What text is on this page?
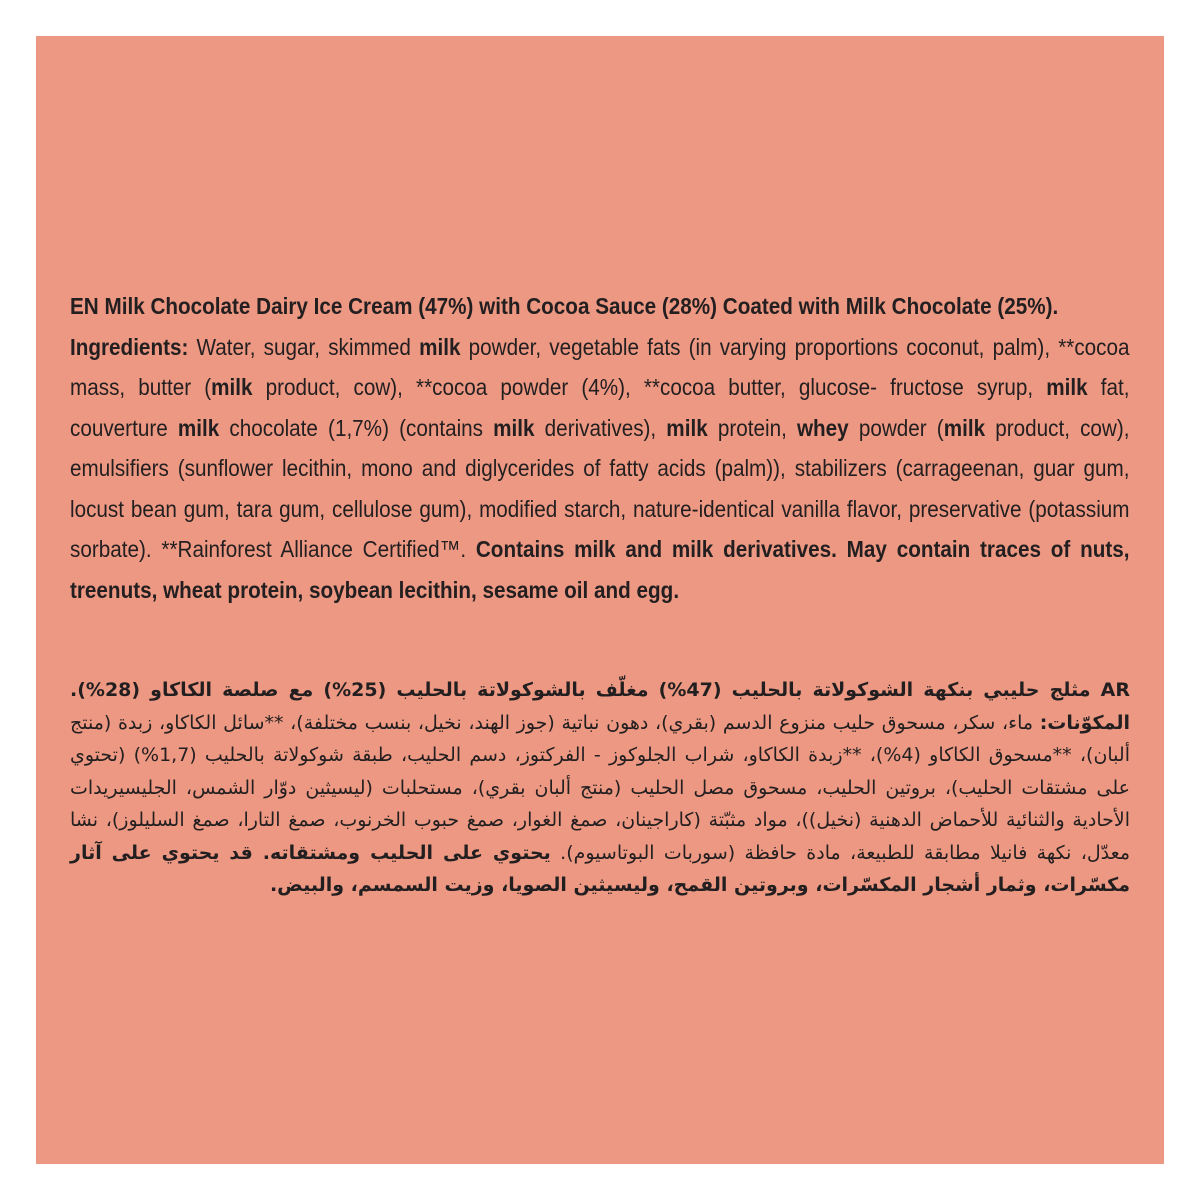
EN Milk Chocolate Dairy Ice Cream (47%) with Cocoa Sauce (28%) Coated with Milk Chocolate (25%).
Ingredients: Water, sugar, skimmed milk powder, vegetable fats (in varying proportions coconut, palm), **cocoa mass, butter (milk product, cow), **cocoa powder (4%), **cocoa butter, glucose- fructose syrup, milk fat, couverture milk chocolate (1,7%) (contains milk derivatives), milk protein, whey powder (milk product, cow), emulsifiers (sunflower lecithin, mono and diglycerides of fatty acids (palm)), stabilizers (carrageenan, guar gum, locust bean gum, tara gum, cellulose gum), modified starch, nature-identical vanilla flavor, preservative (potassium sorbate). **Rainforest Alliance Certified™. Contains milk and milk derivatives. May contain traces of nuts, treenuts, wheat protein, soybean lecithin, sesame oil and egg.
AR مثلج حليبي بنكهة الشوكولاتة بالحليب (47%) مغلّف بالشوكولاتة بالحليب (25%) مع صلصة الكاكاو (28%). المكوّنات: ماء، سكر، مسحوق حليب منزوع الدسم (بقري)، دهون نباتية (جوز الهند، نخيل، بنسب مختلفة)، **سائل الكاكاو، زبدة (منتج ألبان)، **مسحوق الكاكاو (4%)، **زبدة الكاكاو، شراب الجلوكوز - الفركتوز، دسم الحليب، طبقة شوكولاتة بالحليب (1,7%) (تحتوي على مشتقات الحليب)، بروتين الحليب، مسحوق مصل الحليب (منتج ألبان بقري)، مستحلبات (ليسيثين دوّار الشمس، الجليسيريدات الأحادية والثنائية للأحماض الدهنية (نخيل))، مواد مثبّتة (كاراجينان، صمغ الغوار، صمغ حبوب الخرنوب، صمغ التارا، صمغ السليلوز)، نشا معدّل، نكهة فانيلا مطابقة للطبيعة، مادة حافظة (سوربات البوتاسيوم). يحتوي على الحليب ومشتقاته. قد يحتوي على آثار مكسّرات، وثمار أشجار المكسّرات، وبروتين القمح، وليسيثين الصويا، وزيت السمسم، والبيض.
